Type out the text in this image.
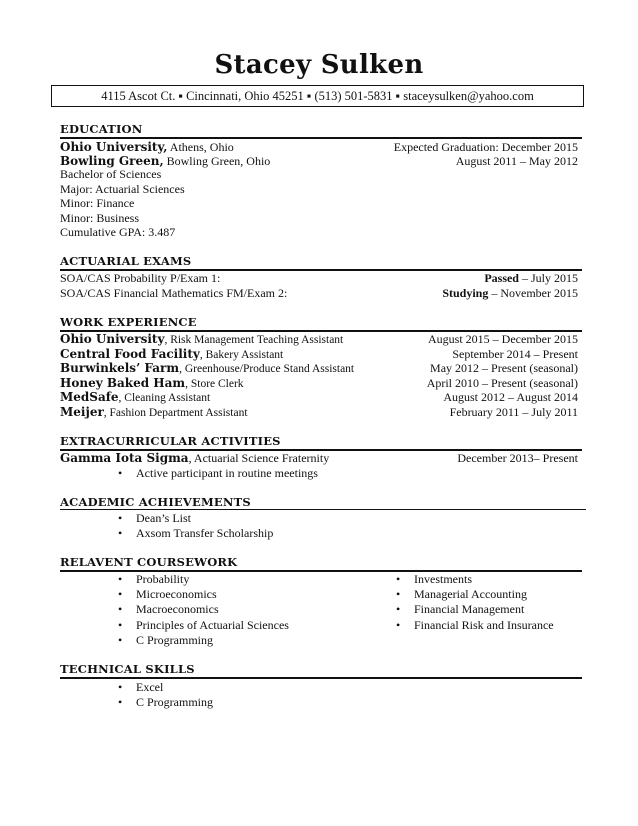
Stacey Sulken
4115 Ascot Ct. ▪ Cincinnati, Ohio 45251 ▪ (513) 501-5831 ▪ staceysulken@yahoo.com
EDUCATION
Ohio University, Athens, Ohio	Expected Graduation: December 2015
Bowling Green, Bowling Green, Ohio	August 2011 – May 2012
Bachelor of Sciences
Major: Actuarial Sciences
Minor: Finance
Minor: Business
Cumulative GPA: 3.487
ACTUARIAL EXAMS
SOA/CAS Probability P/Exam 1:	Passed – July 2015
SOA/CAS Financial Mathematics FM/Exam 2:	Studying – November 2015
WORK EXPERIENCE
Ohio University, Risk Management Teaching Assistant	August 2015 – December 2015
Central Food Facility, Bakery Assistant	September 2014 – Present
Burwinkels’ Farm, Greenhouse/Produce Stand Assistant	May 2012 – Present (seasonal)
Honey Baked Ham, Store Clerk	April 2010 – Present (seasonal)
MedSafe, Cleaning Assistant	August 2012 – August 2014
Meijer, Fashion Department Assistant	February 2011 – July 2011
EXTRACURRICULAR ACTIVITIES
Gamma Iota Sigma, Actuarial Science Fraternity	December 2013– Present
• Active participant in routine meetings
ACADEMIC ACHIEVEMENTS
• Dean’s List
• Axsom Transfer Scholarship
RELAVENT COURSEWORK
• Probability
• Microeconomics
• Macroeconomics
• Principles of Actuarial Sciences
• C Programming
• Investments
• Managerial Accounting
• Financial Management
• Financial Risk and Insurance
TECHNICAL SKILLS
• Excel
• C Programming
